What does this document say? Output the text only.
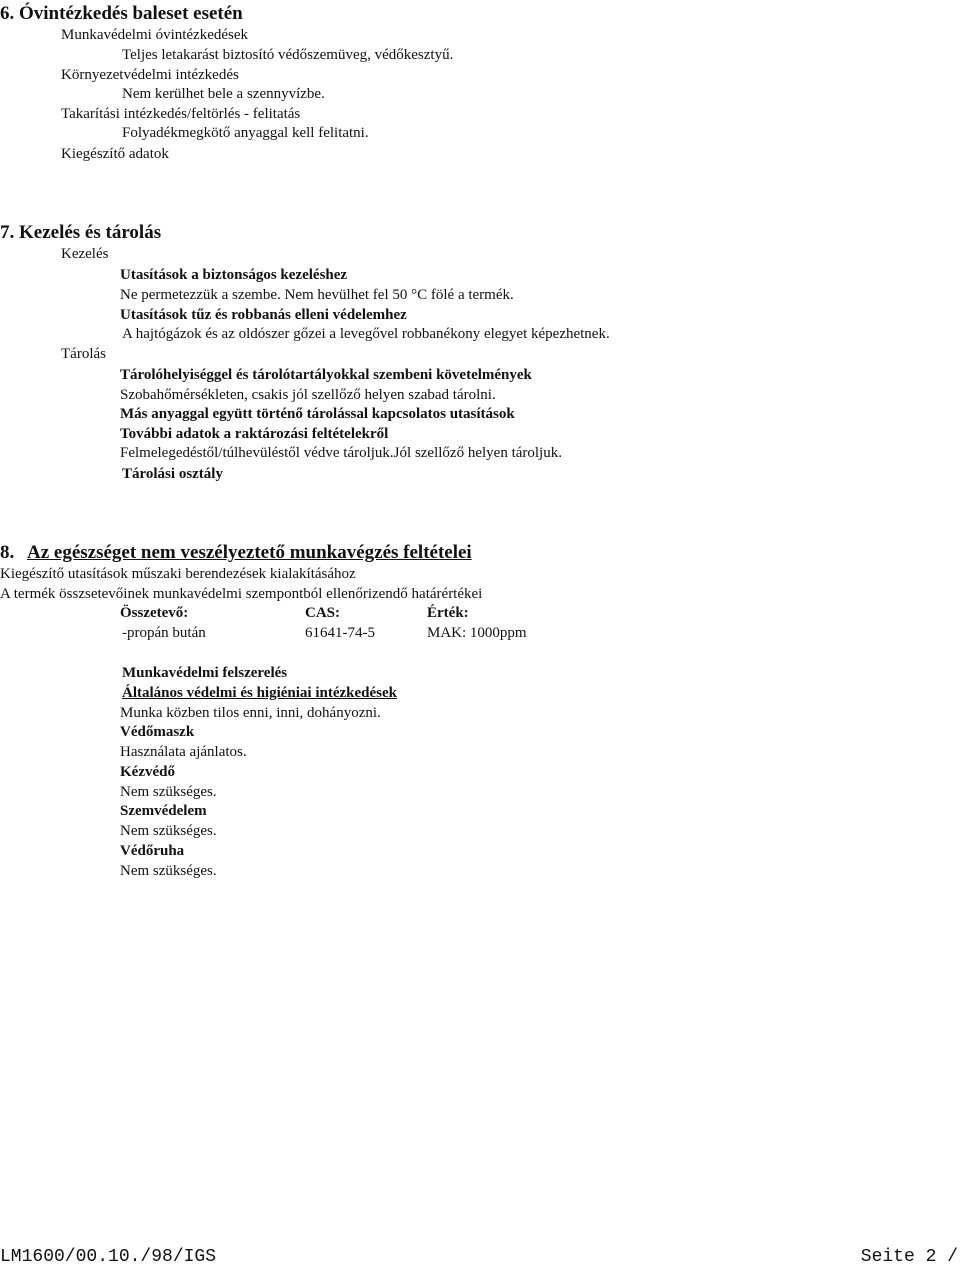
6. Óvintézkedés baleset esetén
Munkavédelmi óvintézkedések
Teljes letakarást biztosító védőszemüveg, védőkesztyű.
Környezetvédelmi intézkedés
Nem kerülhet bele a szennyvízbe.
Takarítási intézkedés/feltörlés - felitatás
Folyadékmegkötő anyaggal kell felitatni.
Kiegészítő adatok
7. Kezelés és tárolás
Kezelés
Utasítások a biztonságos kezeléshez
Ne permetezzük a szembe. Nem hevülhet fel 50 °C fölé a termék.
Utasítások tűz és robbanás elleni védelemhez
A hajtógázok és az oldószer gőzei a levegővel robbanékony elegyet képezhetnek.
Tárolás
Tárolóhelyiséggel és tárolótartályokkal szembeni követelmények
Szobahőmérsékleten, csakis jól szellőző helyen szabad tárolni.
Más anyaggal együtt történő tárolással kapcsolatos utasítások
További adatok a raktározási feltételekről
Felmelegedéstől/túlhevüléstől védve tároljuk.Jól szellőző helyen tároljuk.
Tárolási osztály
8. Az egészséget nem veszélyeztető munkavégzés feltételei
Kiegészítő utasítások műszaki berendezések kialakításához
A termék összsetevőinek munkavédelmi szempontból ellenőrizendő határértékei
Összetevő:	CAS:	Érték:
-propán bután	61641-74-5	MAK: 1000ppm
Munkavédelmi felszerelés
Általános védelmi és higiéniai intézkedések
Munka közben tilos enni, inni, dohányozni.
Védőmaszk
Használata ajánlatos.
Kézvédő
Nem szükséges.
Szemvédelem
Nem szükséges.
Védőruha
Nem szükséges.
LM1600/00.10./98/IGS	Seite 2 /
